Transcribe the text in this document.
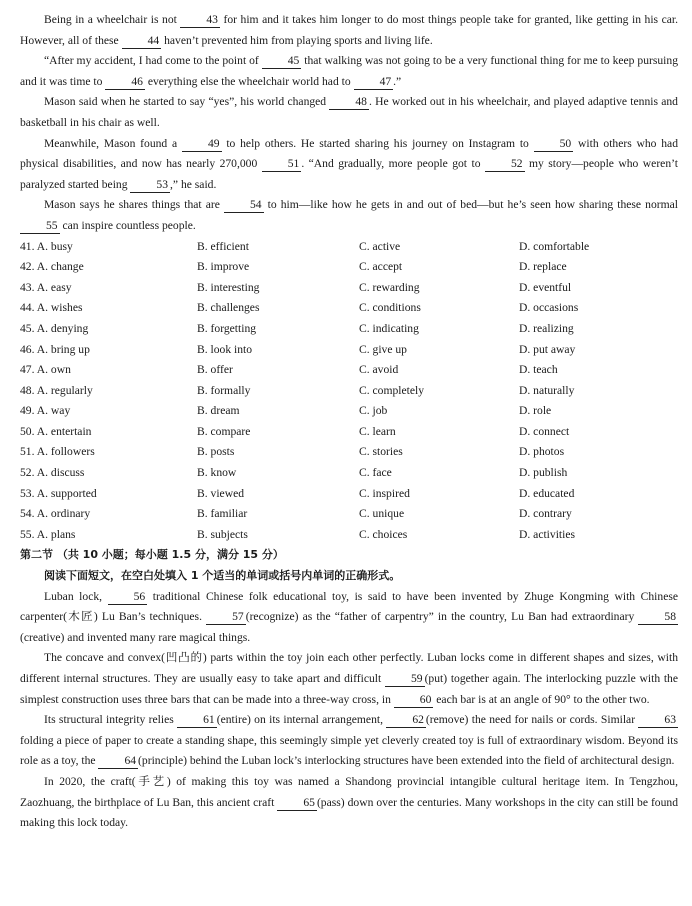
Being in a wheelchair is not 43 for him and it takes him longer to do most things people take for granted, like getting in his car. However, all of these 44 haven’t prevented him from playing sports and living life.

“After my accident, I had come to the point of 45 that walking was not going to be a very functional thing for me to keep pursuing and it was time to 46 everything else the wheelchair world had to 47 .”

Mason said when he started to say “yes”, his world changed 48 . He worked out in his wheelchair, and played adaptive tennis and basketball in his chair as well.

Meanwhile, Mason found a 49 to help others. He started sharing his journey on Instagram to 50 with others who had physical disabilities, and now has nearly 270,000 51 . “And gradually, more people got to 52 my story—people who weren’t paralyzed started being 53 ,” he said.

Mason says he shares things that are 54 to him—like how he gets in and out of bed—but he’s seen how sharing these normal 55 can inspire countless people.

41. A. busy	B. efficient	C. active	D. comfortable
42. A. change	B. improve	C. accept	D. replace
43. A. easy	B. interesting	C. rewarding	D. eventful
44. A. wishes	B. challenges	C. conditions	D. occasions
45. A. denying	B. forgetting	C. indicating	D. realizing
46. A. bring up	B. look into	C. give up	D. put away
47. A. own	B. offer	C. avoid	D. teach
48. A. regularly	B. formally	C. completely	D. naturally
49. A. way	B. dream	C. job	D. role
50. A. entertain	B. compare	C. learn	D. connect
51. A. followers	B. posts	C. stories	D. photos
52. A. discuss	B. know	C. face	D. publish
53. A. supported	B. viewed	C. inspired	D. educated
54. A. ordinary	B. familiar	C. unique	D. contrary
55. A. plans	B. subjects	C. choices	D. activities

第二节 （共 10 小题；每小题 1.5 分，满分 15 分）

阅读下面短文，在空白处填入 1 个适当的单词或括号内单词的正确形式。

Luban lock, 56 traditional Chinese folk educational toy, is said to have been invented by Zhuge Kongming with Chinese carpenter(木匠) Lu Ban’s techniques. 57 (recognize) as the “father of carpentry” in the country, Lu Ban had extraordinary 58(creative) and invented many rare magical things.

The concave and convex(凹凸的) parts within the toy join each other perfectly. Luban locks come in different shapes and sizes, with different internal structures. They are usually easy to take apart and difficult 59 (put) together again. The interlocking puzzle with the simplest construction uses three bars that can be made into a three-way cross, in 60 each bar is at an angle of 90° to the other two.

Its structural integrity relies 61 (entire) on its internal arrangement, 62 (remove) the need for nails or cords. Similar 63 folding a piece of paper to create a standing shape, this seemingly simple yet cleverly created toy is full of extraordinary wisdom. Beyond its role as a toy, the 64 (principle) behind the Luban lock’s interlocking structures have been extended into the field of architectural design.

In 2020, the craft(手艺) of making this toy was named a Shandong provincial intangible cultural heritage item. In Tengzhou, Zaozhuang, the birthplace of Lu Ban, this ancient craft 65 (pass) down over the centuries. Many workshops in the city can still be found making this lock today.
